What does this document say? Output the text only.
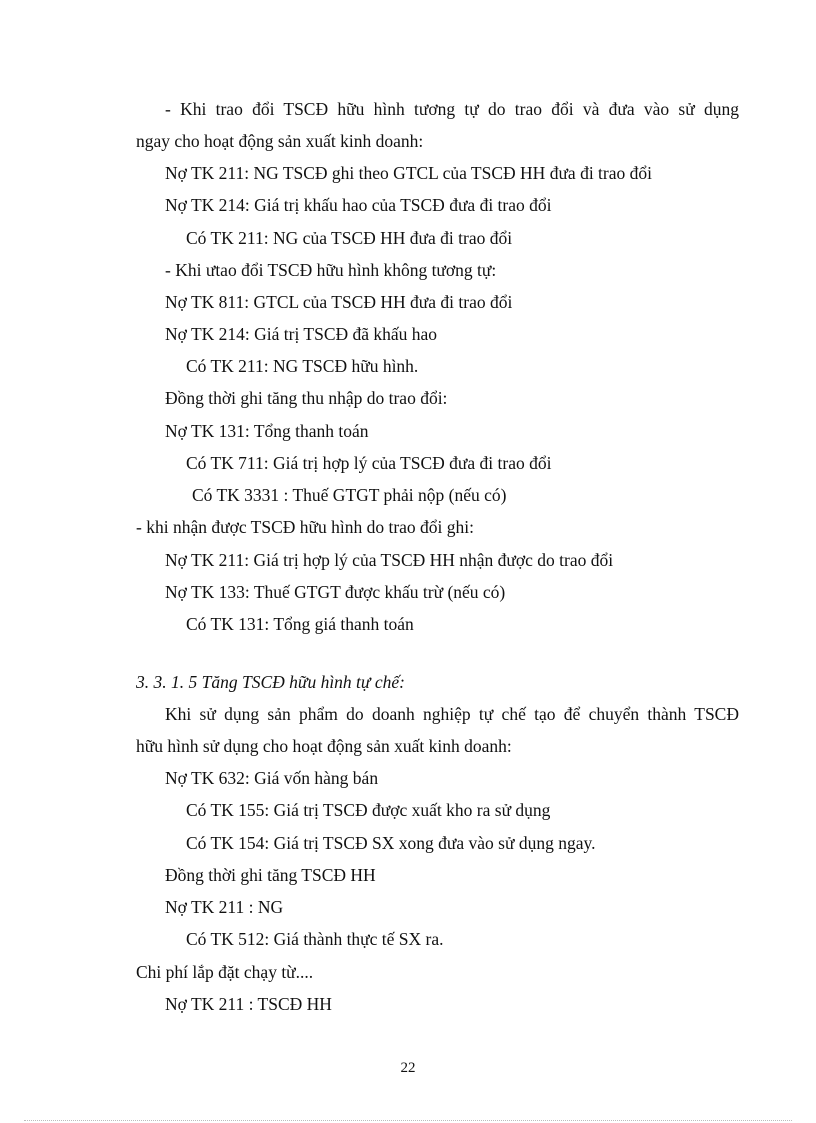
- Khi trao đổi TSCĐ hữu hình tương tự do trao đổi và đưa vào sử dụng
ngay cho hoạt động sản xuất kinh doanh:
Nợ TK 211: NG TSCĐ ghi theo GTCL của TSCĐ HH đưa đi trao đổi
Nợ TK 214: Giá trị khấu hao của TSCĐ đưa đi trao đổi
Có TK 211: NG của TSCĐ HH đưa đi trao đổi
- Khi ưtao đổi TSCĐ hữu hình không tương tự:
Nợ TK 811: GTCL của TSCĐ HH đưa đi trao đổi
Nợ TK 214: Giá trị TSCĐ đã khấu hao
Có TK 211: NG TSCĐ hữu hình.
Đồng thời ghi tăng thu nhập do trao đổi:
Nợ TK 131: Tổng thanh toán
Có TK 711: Giá trị hợp lý của TSCĐ đưa đi trao đổi
Có TK 3331 : Thuế GTGT phải nộp (nếu có)
- khi nhận được TSCĐ hữu hình do trao đổi ghi:
Nợ TK 211: Giá trị hợp lý của TSCĐ HH nhận được do trao đổi
Nợ TK 133: Thuế GTGT được khấu trừ (nếu có)
Có TK 131: Tổng giá thanh toán
3. 3. 1. 5 Tăng TSCĐ hữu hình tự chế:
Khi sử dụng sản phẩm do doanh nghiệp tự chế tạo để chuyển thành TSCĐ
hữu hình sử dụng cho hoạt động sản xuất kinh doanh:
Nợ TK 632: Giá vốn hàng bán
Có TK 155: Giá trị TSCĐ được xuất kho ra sử dụng
Có TK 154: Giá trị TSCĐ SX xong đưa vào sử dụng ngay.
Đồng thời ghi tăng TSCĐ HH
Nợ TK 211 : NG
Có TK 512: Giá thành thực tế SX ra.
Chi phí lắp đặt chạy từ....
Nợ TK 211 : TSCĐ HH
22
